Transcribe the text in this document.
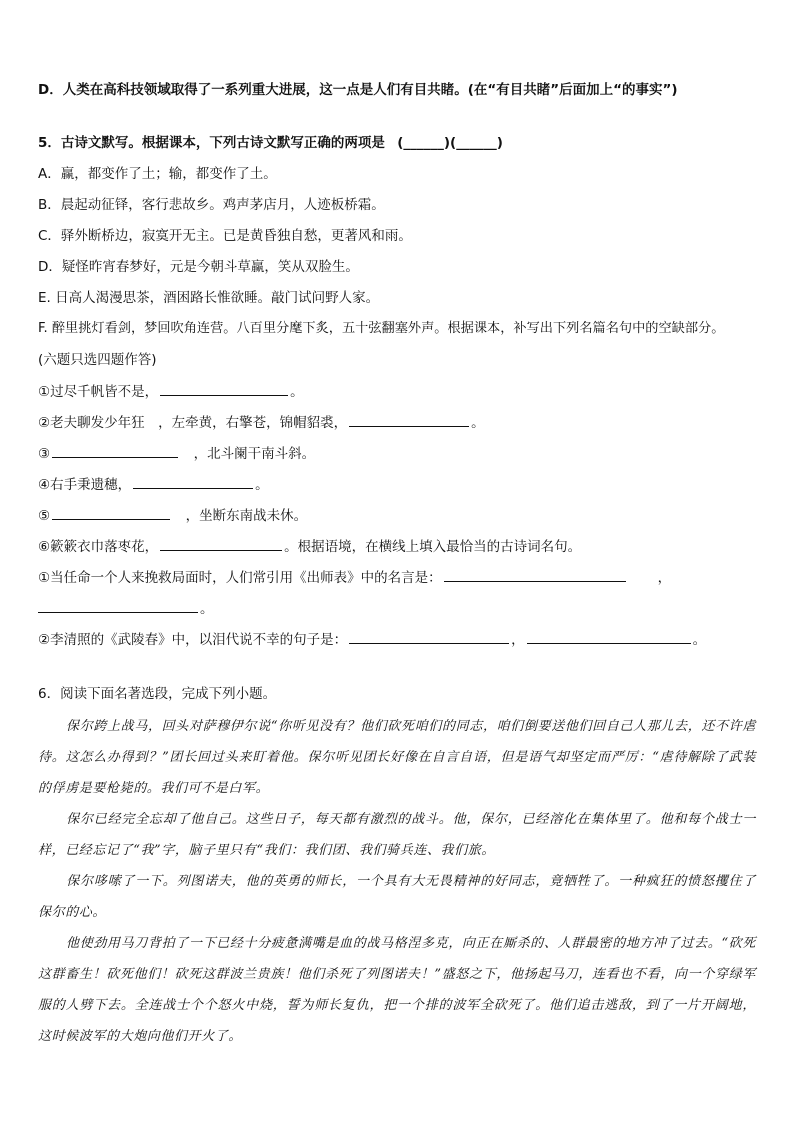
D．人类在高科技领域取得了一系列重大进展，这一点是人们有目共睹。(在“有目共睹”后面加上“的事实”)
5．古诗文默写。根据课本，下列古诗文默写正确的两项是 (______)(______)
A．赢，都变作了土；输，都变作了土。
B．晨起动征铎，客行悲故乡。鸡声茅店月，人迹板桥霜。
C．驿外断桥边，寂寞开无主。已是黄昏独自愁，更著风和雨。
D．疑怪昨宵春梦好，元是今朝斗草赢，笑从双脸生。
E. 日高人渴漫思茶，酒困路长惟欲睡。敲门试问野人家。
F. 醉里挑灯看剑，梦回吹角连营。八百里分麾下炙，五十弦翻塞外声。根据课本，补写出下列名篇名句中的空缺部分。
(六题只选四题作答)
①过尽千帆皆不是，	。
②老夫聊发少年狂　，左牵黄，右擎苍，锦帽貂裘，	。
③	　，北斗阑干南斗斜。
④右手秉遗穗，	。
⑤	　，坐断东南战未休。
⑥簌簌衣巾落枣花，	。根据语境，在横线上填入最恰当的古诗词名句。
①当任命一个人来挽救局面时，人们常引用《出师表》中的名言是：	，
。
②李清照的《武陵春》中，以泪代说不幸的句子是：	，	。
6．阅读下面名著选段，完成下列小题。
保尔跨上战马，回头对萨穆伊尔说“你听见没有？他们砍死咱们的同志，咱们倒要送他们回自己人那儿去，还不许虐待。这怎么办得到？”团长回过头来盯着他。保尔听见团长好像在自言自语，但是语气却坚定而严厉：“虐待解除了武装的俘虏是要枪毙的。我们可不是白军。
保尔已经完全忘却了他自己。这些日子，每天都有激烈的战斗。他，保尔，已经溶化在集体里了。他和每个战士一样，已经忘记了“我”字，脑子里只有“我们：我们团、我们骑兵连、我们旅。
保尔哆嗦了一下。列图诺夫，他的英勇的师长，一个具有大无畏精神的好同志，竟牺牲了。一种疯狂的愤怒攫住了保尔的心。
他使劲用马刀背拍了一下已经十分疲惫满嘴是血的战马格涅多克，向正在厮杀的、人群最密的地方冲了过去。“砍死这群畜生！砍死他们！砍死这群波兰贵族！他们杀死了列图诺夫！”盛怒之下，他扬起马刀，连看也不看，向一个穿绿军服的人劈下去。全连战士个个怒火中烧，誓为师长复仇，把一个排的波军全砍死了。他们追击逃敌，到了一片开阔地，这时候波军的大炮向他们开火了。
